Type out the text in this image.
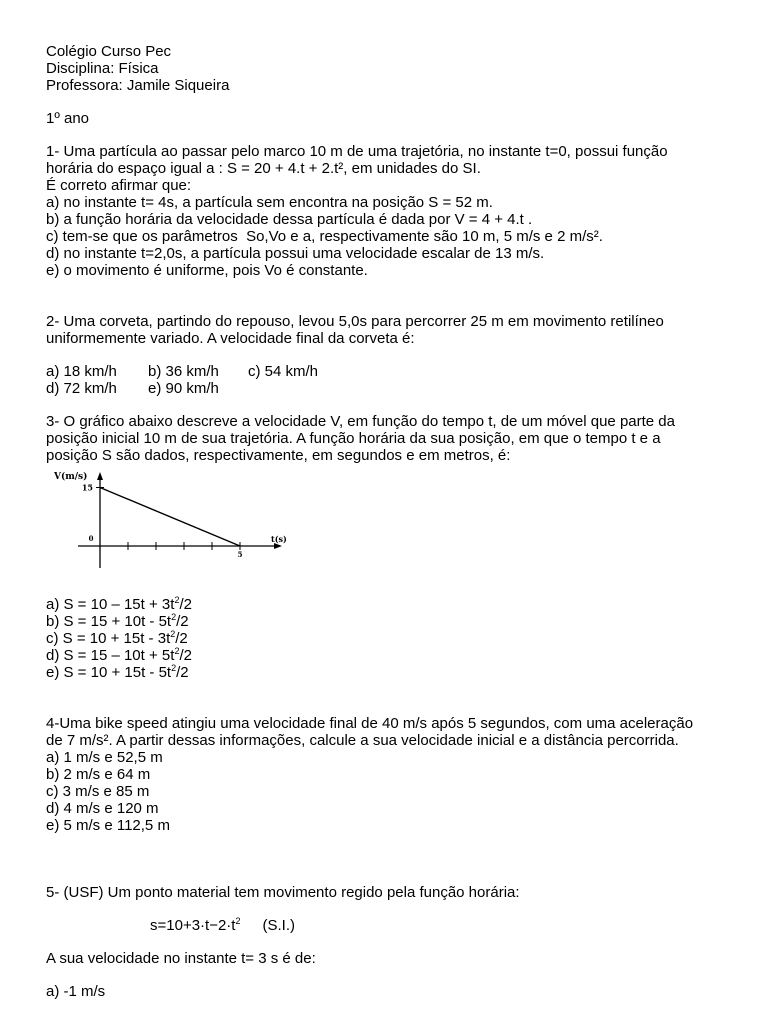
Colégio Curso Pec
Disciplina: Física
Professora: Jamile Siqueira
1º ano
1- Uma partícula ao passar pelo marco 10 m de uma trajetória, no instante t=0, possui função
horária do espaço igual a : S = 20 + 4.t + 2.t², em unidades do SI.
É correto afirmar que:
a) no instante t= 4s, a partícula sem encontra na posição S = 52 m.
b) a função horária da velocidade dessa partícula é dada por V = 4 + 4.t .
c) tem-se que os parâmetros  So,Vo e a, respectivamente são 10 m, 5 m/s e 2 m/s².
d) no instante t=2,0s, a partícula possui uma velocidade escalar de 13 m/s.
e) o movimento é uniforme, pois Vo é constante.
2- Uma corveta, partindo do repouso, levou 5,0s para percorrer 25 m em movimento retilíneo
uniformemente variado. A velocidade final da corveta é:
a) 18 km/h	b) 36 km/h	c) 54 km/h
d) 72 km/h	e) 90 km/h
3- O gráfico abaixo descreve a velocidade V, em função do tempo t, de um móvel que parte da
posição inicial 10 m de sua trajetória. A função horária da sua posição, em que o tempo t e a
posição S são dados, respectivamente, em segundos e em metros, é:
V(m/s)
15
0
5
t(s)
a) $S = 10 - 15t + 3t^2/2$
b) $S = 15 + 10t - 5t^2/2$
c) $S = 10 + 15t - 3t^2/2$
d) $S = 15 - 10t + 5t^2/2$
e) $S = 10 + 15t - 5t^2/2$
4-Uma bike speed atingiu uma velocidade final de 40 m/s após 5 segundos, com uma aceleração
de 7 m/s². A partir dessas informações, calcule a sua velocidade inicial e a distância percorrida.
a) 1 m/s e 52,5 m
b) 2 m/s e 64 m
c) 3 m/s e 85 m
d) 4 m/s e 120 m
e) 5 m/s e 112,5 m
5- (USF) Um ponto material tem movimento regido pela função horária:
$s=10+3\cdot t-2\cdot t^2$ (S.I.)
A sua velocidade no instante t= 3 s é de:
a) -1 m/s
